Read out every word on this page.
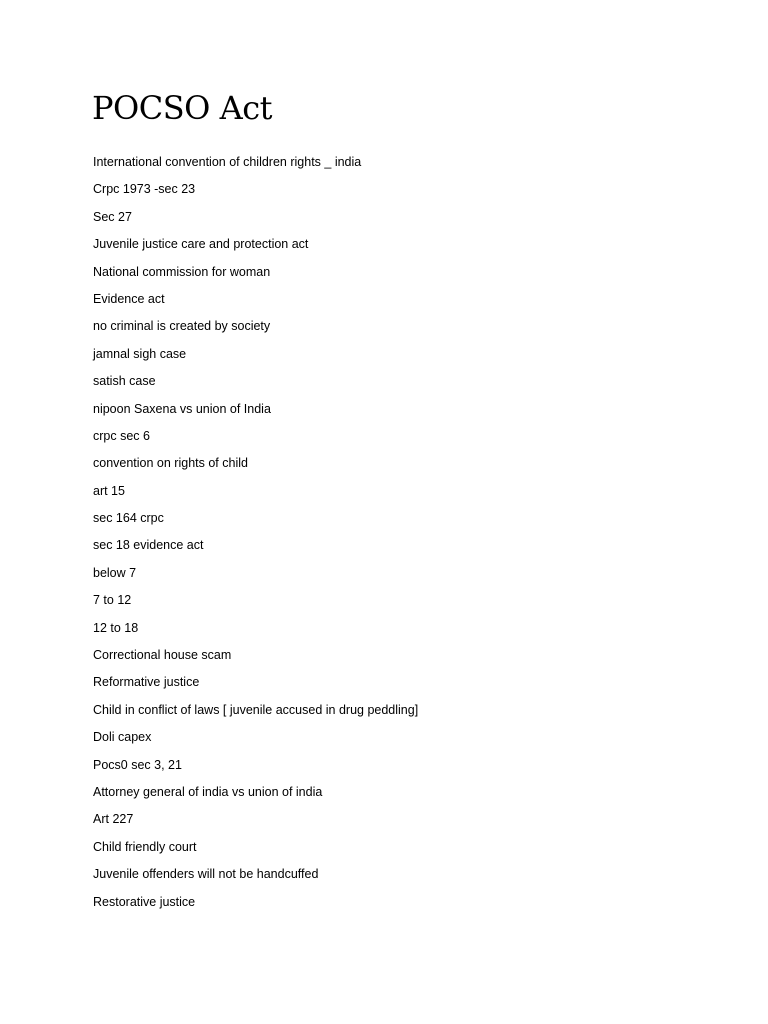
POCSO Act
International convention of children rights _ india
Crpc 1973 -sec 23
Sec 27
Juvenile justice care and protection act
National commission for woman
Evidence act
no criminal is created by society
jamnal sigh case
satish case
nipoon Saxena vs union of India
crpc sec 6
convention on rights of child
art 15
sec 164 crpc
sec 18 evidence act
below 7
7 to 12
12 to 18
Correctional house scam
Reformative justice
Child in conflict of laws [ juvenile accused in drug peddling]
Doli capex
Pocs0 sec 3, 21
Attorney general of india vs union of india
Art 227
Child friendly court
Juvenile offenders will not be handcuffed
Restorative justice
